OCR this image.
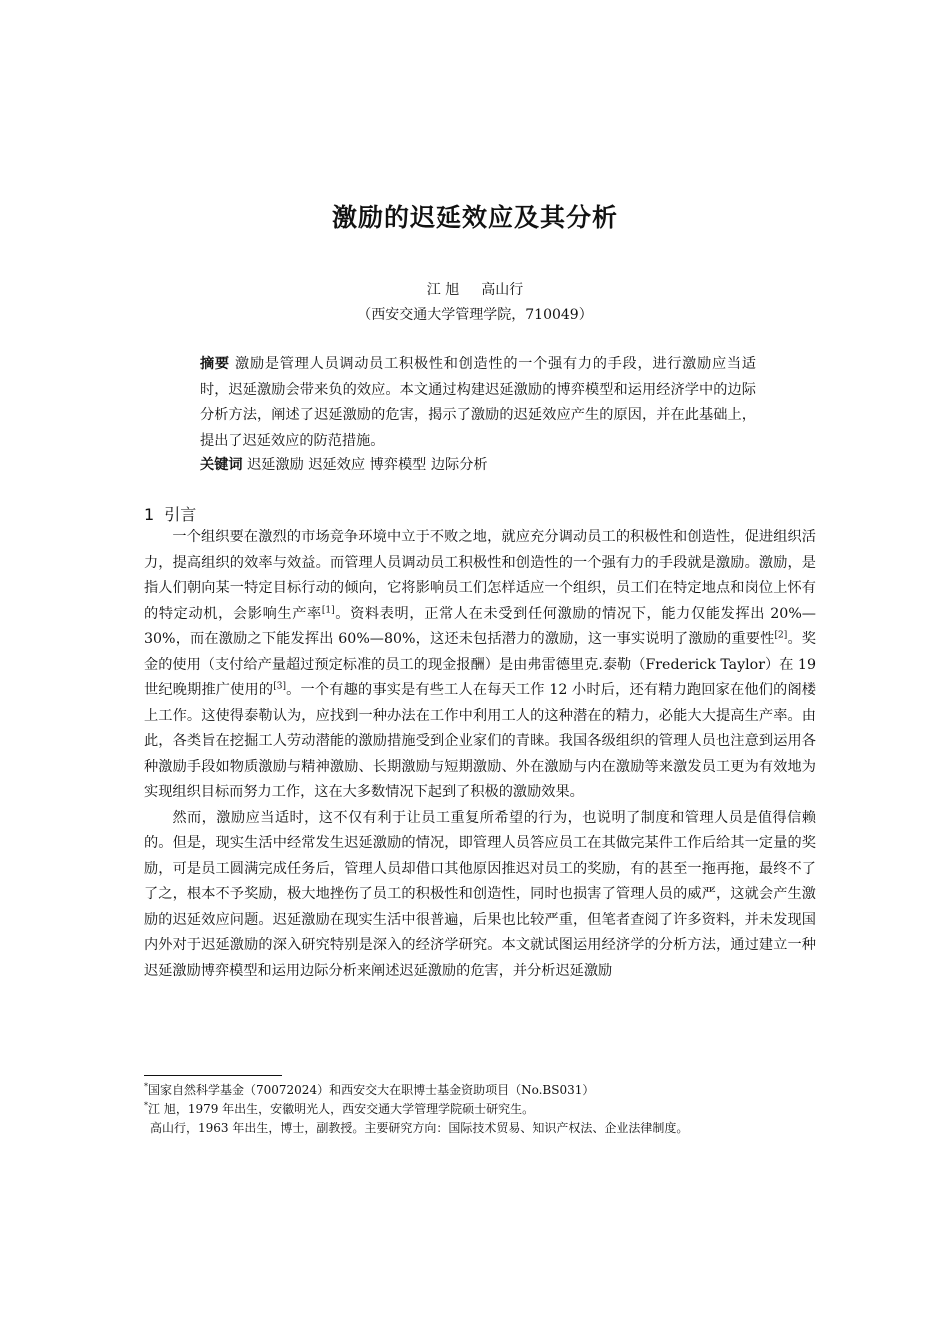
激励的迟延效应及其分析
江 旭 高山行
（西安交通大学管理学院，710049）
摘要 激励是管理人员调动员工积极性和创造性的一个强有力的手段，进行激励应当适时，迟延激励会带来负的效应。本文通过构建迟延激励的博弈模型和运用经济学中的边际分析方法，阐述了迟延激励的危害，揭示了激励的迟延效应产生的原因，并在此基础上，提出了迟延效应的防范措施。
关键词 迟延激励 迟延效应 博弈模型 边际分析
1 引言

一个组织要在激烈的市场竞争环境中立于不败之地，就应充分调动员工的积极性和创造性，促进组织活力，提高组织的效率与效益。而管理人员调动员工积极性和创造性的一个强有力的手段就是激励。激励，是指人们朝向某一特定目标行动的倾向，它将影响员工们怎样适应一个组织，员工们在特定地点和岗位上怀有的特定动机，会影响生产率[1]。资料表明，正常人在未受到任何激励的情况下，能力仅能发挥出 20%—30%，而在激励之下能发挥出 60%—80%，这还未包括潜力的激励，这一事实说明了激励的重要性[2]。奖金的使用（支付给产量超过预定标准的员工的现金报酬）是由弗雷德里克.泰勒（Frederick Taylor）在 19 世纪晚期推广使用的[3]。一个有趣的事实是有些工人在每天工作 12 小时后，还有精力跑回家在他们的阁楼上工作。这使得泰勒认为，应找到一种办法在工作中利用工人的这种潜在的精力，必能大大提高生产率。由此，各类旨在挖掘工人劳动潜能的激励措施受到企业家们的青睐。我国各级组织的管理人员也注意到运用各种激励手段如物质激励与精神激励、长期激励与短期激励、外在激励与内在激励等来激发员工更为有效地为实现组织目标而努力工作，这在大多数情况下起到了积极的激励效果。

然而，激励应当适时，这不仅有利于让员工重复所希望的行为，也说明了制度和管理人员是值得信赖的。但是，现实生活中经常发生迟延激励的情况，即管理人员答应员工在其做完某件工作后给其一定量的奖励，可是员工圆满完成任务后，管理人员却借口其他原因推迟对员工的奖励，有的甚至一拖再拖，最终不了了之，根本不予奖励，极大地挫伤了员工的积极性和创造性，同时也损害了管理人员的威严，这就会产生激励的迟延效应问题。迟延激励在现实生活中很普遍，后果也比较严重，但笔者查阅了许多资料，并未发现国内外对于迟延激励的深入研究特别是深入的经济学研究。本文就试图运用经济学的分析方法，通过建立一种迟延激励博弈模型和运用边际分析来阐述迟延激励的危害，并分析迟延激励

*国家自然科学基金（70072024）和西安交大在职博士基金资助项目（No.BS031）
*江 旭，1979 年出生，安徽明光人，西安交通大学管理学院硕士研究生。
高山行，1963 年出生，博士，副教授。主要研究方向：国际技术贸易、知识产权法、企业法律制度。
